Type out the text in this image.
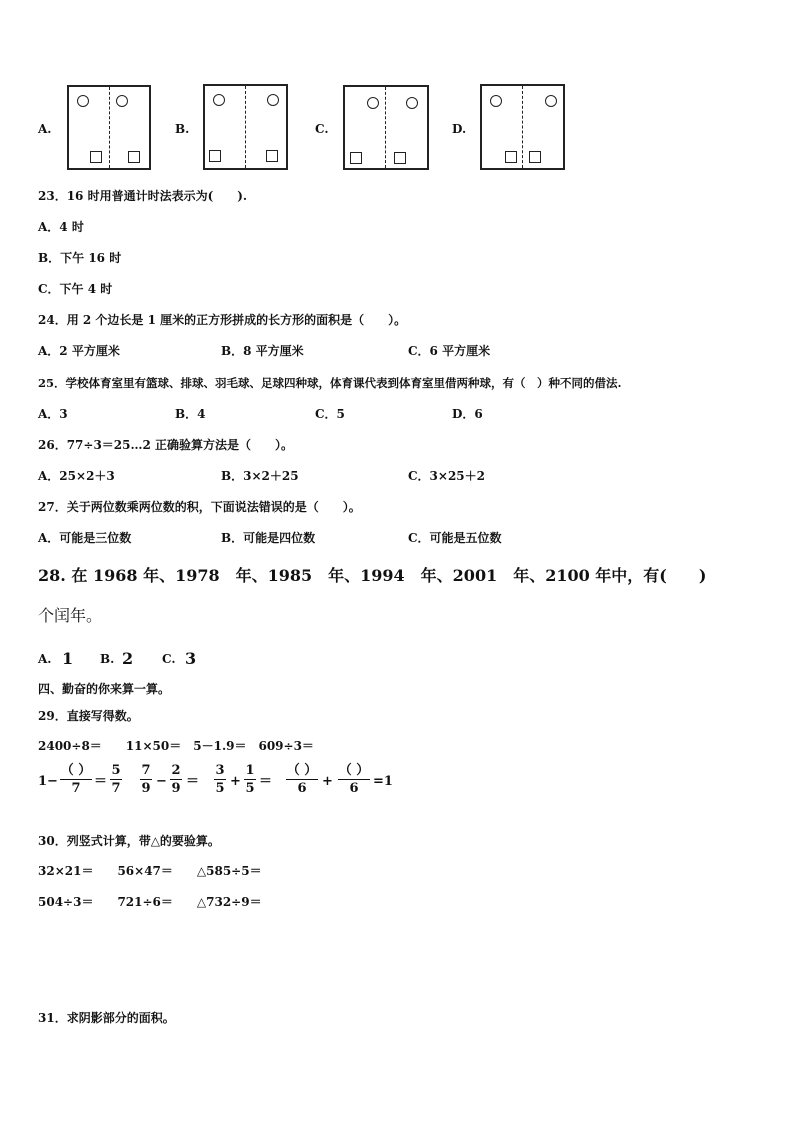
A.	B.	C.	D.
23．16 时用普通计时法表示为(　　).
A．4 时
B．下午 16 时
C．下午 4 时
24．用 2 个边长是 1 厘米的正方形拼成的长方形的面积是（　　）。
A．2 平方厘米	B．8 平方厘米	C．6 平方厘米
25．学校体育室里有篮球、排球、羽毛球、足球四种球，体育课代表到体育室里借两种球，有（　）种不同的借法.
A．3	B．4	C．5	D．6
26．77÷3＝25…2 正确验算方法是（　　）。
A．25×2＋3	B．3×2＋25	C．3×25＋2
27．关于两位数乘两位数的积，下面说法错误的是（　　）。
A．可能是三位数	B．可能是四位数	C．可能是五位数
28. 在 1968 年、1978　年、1985　年、1994　年、2001　年、2100 年中，有(　　)
个闰年。
A. 1 B. 2 C. 3
四、勤奋的你来算一算。
29．直接写得数。
2400÷8＝　　11×50＝　5－1.9＝　609÷3＝
1−
（ ）
7 ＝
5
7
7
9 −
2
9 ＝
3
5 +
1
5 ＝
（ ）
6 +
（ ）
6 =1
30．列竖式计算，带△的要验算。
32×21＝　　56×47＝　　△585÷5＝
504÷3＝　　721÷6＝　　△732÷9＝
31．求阴影部分的面积。
